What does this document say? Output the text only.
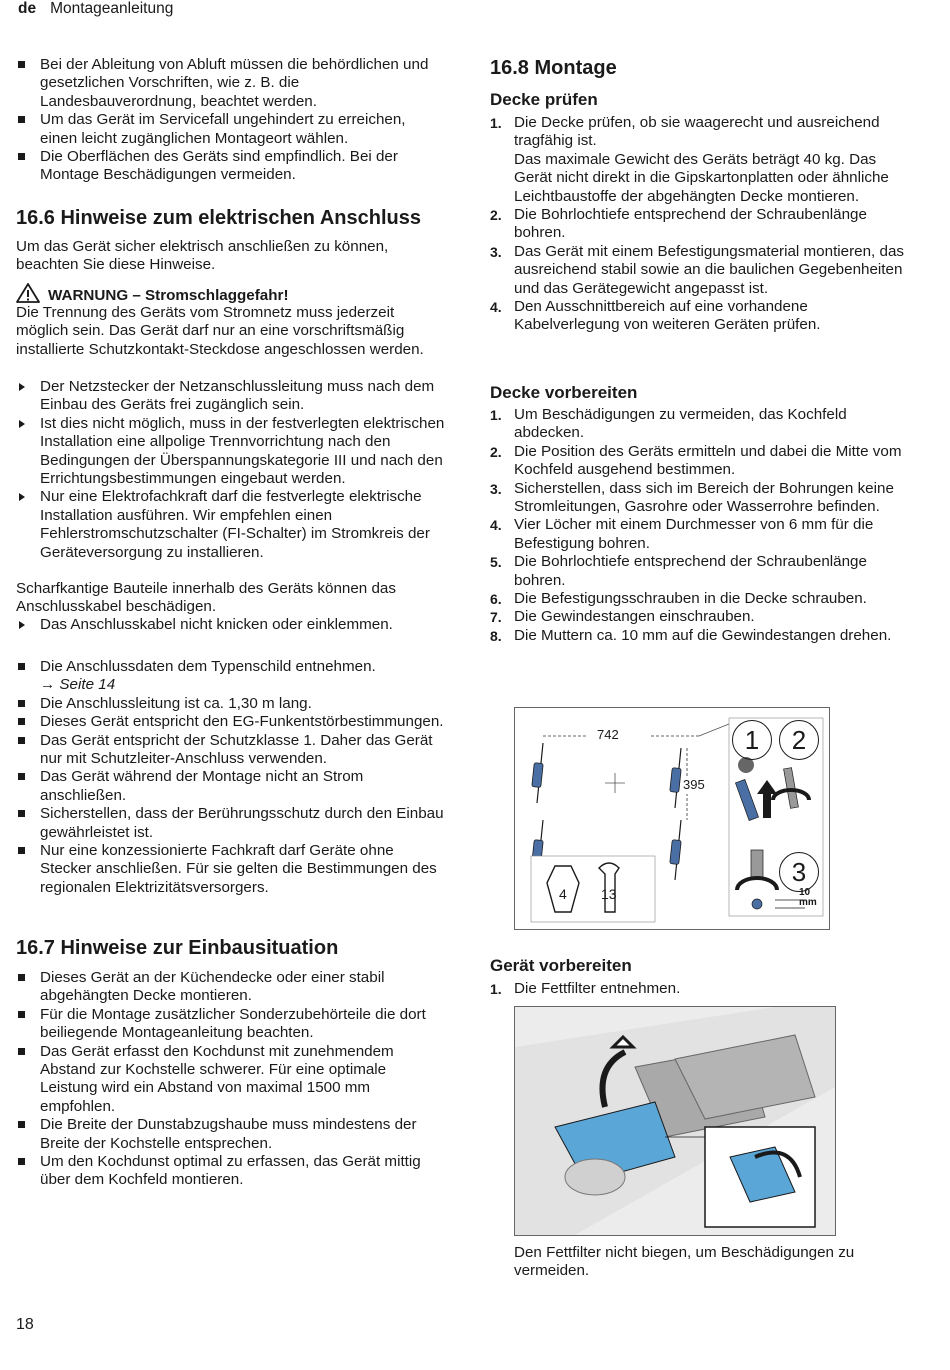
de Montageanleitung
Bei der Ableitung von Abluft müssen die behördlichen und gesetzlichen Vorschriften, wie z. B. die Landesbauverordnung, beachtet werden.
Um das Gerät im Servicefall ungehindert zu erreichen, einen leicht zugänglichen Montageort wählen.
Die Oberflächen des Geräts sind empfindlich. Bei der Montage Beschädigungen vermeiden.
16.6 Hinweise zum elektrischen Anschluss

Um das Gerät sicher elektrisch anschließen zu können, beachten Sie diese Hinweise.

WARNUNG – Stromschlaggefahr!

Die Trennung des Geräts vom Stromnetz muss jederzeit möglich sein. Das Gerät darf nur an eine vorschriftsmäßig installierte Schutzkontakt-Steckdose angeschlossen werden.

Der Netzstecker der Netzanschlussleitung muss nach dem Einbau des Geräts frei zugänglich sein.
Ist dies nicht möglich, muss in der festverlegten elektrischen Installation eine allpolige Trennvorrichtung nach den Bedingungen der Überspannungskategorie III und nach den Errichtungsbestimmungen eingebaut werden.
Nur eine Elektrofachkraft darf die festverlegte elektrische Installation ausführen. Wir empfehlen einen Fehlerstromschutzschalter (FI-Schalter) im Stromkreis der Geräteversorgung zu installieren.

Scharfkantige Bauteile innerhalb des Geräts können das Anschlusskabel beschädigen.

Das Anschlusskabel nicht knicken oder einklemmen.
Die Anschlussdaten dem Typenschild entnehmen.
→ Seite 14
Die Anschlussleitung ist ca. 1,30 m lang.
Dieses Gerät entspricht den EG-Funkentstörbestimmungen.
Das Gerät entspricht der Schutzklasse 1. Daher das Gerät nur mit Schutzleiter-Anschluss verwenden.
Das Gerät während der Montage nicht an Strom anschließen.
Sicherstellen, dass der Berührungsschutz durch den Einbau gewährleistet ist.
Nur eine konzessionierte Fachkraft darf Geräte ohne Stecker anschließen. Für sie gelten die Bestimmungen des regionalen Elektrizitätsversorgers.
16.7 Hinweise zur Einbausituation
Dieses Gerät an der Küchendecke oder einer stabil abgehängten Decke montieren.
Für die Montage zusätzlicher Sonderzubehörteile die dort beiliegende Montageanleitung beachten.
Das Gerät erfasst den Kochdunst mit zunehmendem Abstand zur Kochstelle schwerer. Für eine optimale Leistung wird ein Abstand von maximal 1500 mm empfohlen.
Die Breite der Dunstabzugshaube muss mindestens der Breite der Kochstelle entsprechen.
Um den Kochdunst optimal zu erfassen, das Gerät mittig über dem Kochfeld montieren.
16.8 Montage
Decke prüfen
1. Die Decke prüfen, ob sie waagerecht und ausreichend tragfähig ist.
Das maximale Gewicht des Geräts beträgt 40 kg. Das Gerät nicht direkt in die Gipskartonplatten oder ähnliche Leichtbaustoffe der abgehängten Decke montieren.
2. Die Bohrlochtiefe entsprechend der Schraubenlänge bohren.
3. Das Gerät mit einem Befestigungsmaterial montieren, das ausreichend stabil sowie an die baulichen Gegebenheiten und das Gerätegewicht angepasst ist.
4. Den Ausschnittbereich auf eine vorhandene Kabelverlegung von weiteren Geräten prüfen.
Decke vorbereiten
1. Um Beschädigungen zu vermeiden, das Kochfeld abdecken.
2. Die Position des Geräts ermitteln und dabei die Mitte vom Kochfeld ausgehend bestimmen.
3. Sicherstellen, dass sich im Bereich der Bohrungen keine Stromleitungen, Gasrohre oder Wasserrohre befinden.
4. Vier Löcher mit einem Durchmesser von 6 mm für die Befestigung bohren.
5. Die Bohrlochtiefe entsprechend der Schraubenlänge bohren.
6. Die Befestigungsschrauben in die Decke schrauben.
7. Die Gewindestangen einschrauben.
8. Die Muttern ca. 10 mm auf die Gewindestangen drehen.
742
395
1	2
3
4 13	10
mm
Gerät vorbereiten
1. Die Fettfilter entnehmen.

Den Fettfilter nicht biegen, um Beschädigungen zu vermeiden.

18
